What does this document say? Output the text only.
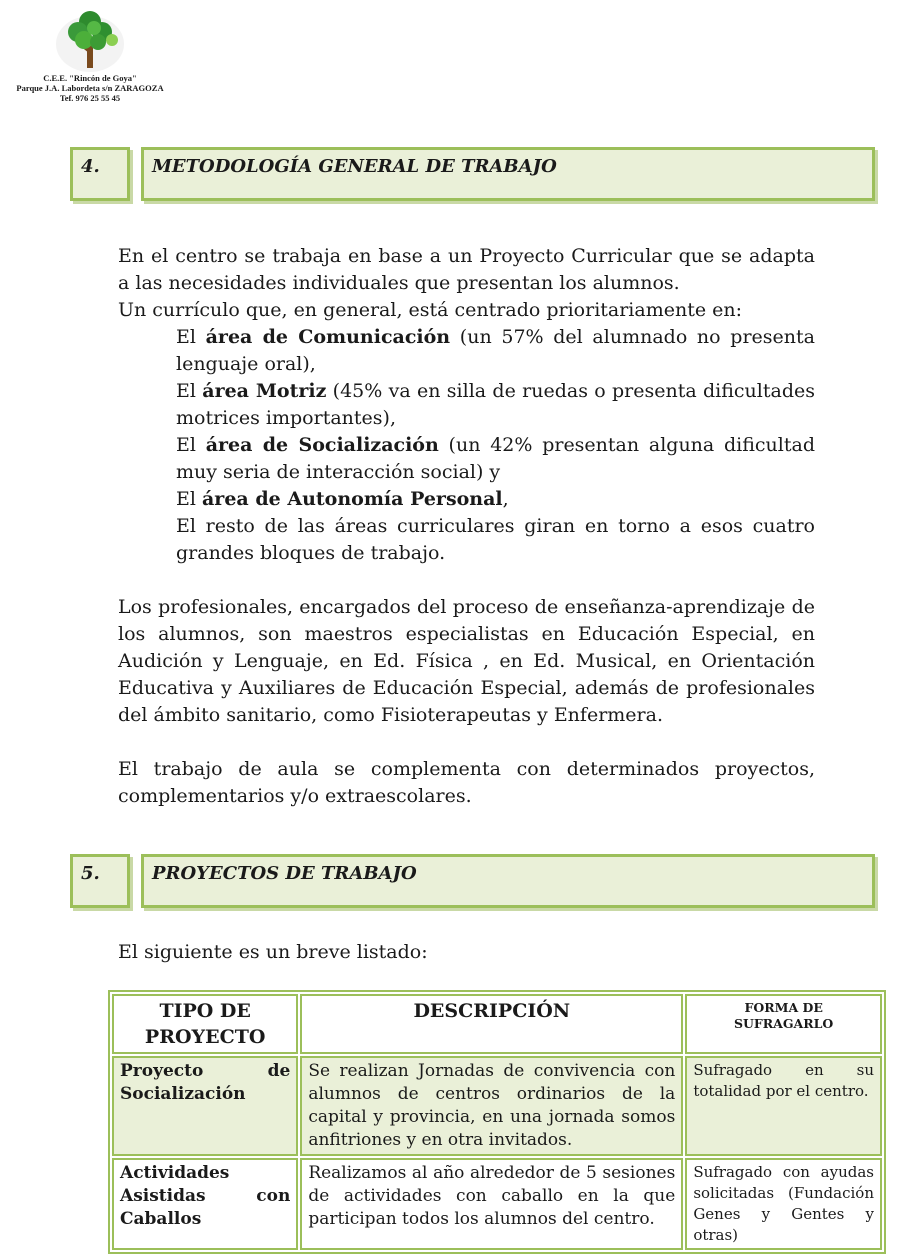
C.E.E. "Rincón de Goya"
Parque J.A. Labordeta s/n ZARAGOZA
Tef. 976 25 55 45
4.	METODOLOGÍA GENERAL DE TRABAJO
En el centro se trabaja en base a un Proyecto Curricular que se adapta a las necesidades individuales que presentan los alumnos.
Un currículo que, en general, está centrado prioritariamente en:
El área de Comunicación (un 57% del alumnado no presenta lenguaje oral),
El área Motriz (45% va en silla de ruedas o presenta dificultades motrices importantes),
El área de Socialización (un 42% presentan alguna dificultad muy seria de interacción social) y
El área de Autonomía Personal,
El resto de las áreas curriculares giran en torno a esos cuatro grandes bloques de trabajo.
Los profesionales, encargados del proceso de enseñanza-aprendizaje de los alumnos, son maestros especialistas en Educación Especial, en Audición y Lenguaje, en Ed. Física , en Ed. Musical, en Orientación Educativa y Auxiliares de Educación Especial, además de profesionales del ámbito sanitario, como Fisioterapeutas y Enfermera.
El trabajo de aula se complementa con determinados proyectos, complementarios y/o extraescolares.
5.	PROYECTOS DE TRABAJO
El siguiente es un breve listado:
TIPO DE PROYECTO	DESCRIPCIÓN	FORMA DE SUFRAGARLO
Proyecto de Socialización	Se realizan Jornadas de convivencia con alumnos de centros ordinarios de la capital y provincia, en una jornada somos anfitriones y en otra invitados.	Sufragado en su totalidad por el centro.
Actividades Asistidas con Caballos	Realizamos al año alrededor de 5 sesiones de actividades con caballo en la que participan todos los alumnos del centro.	Sufragado con ayudas solicitadas (Fundación Genes y Gentes y otras)
